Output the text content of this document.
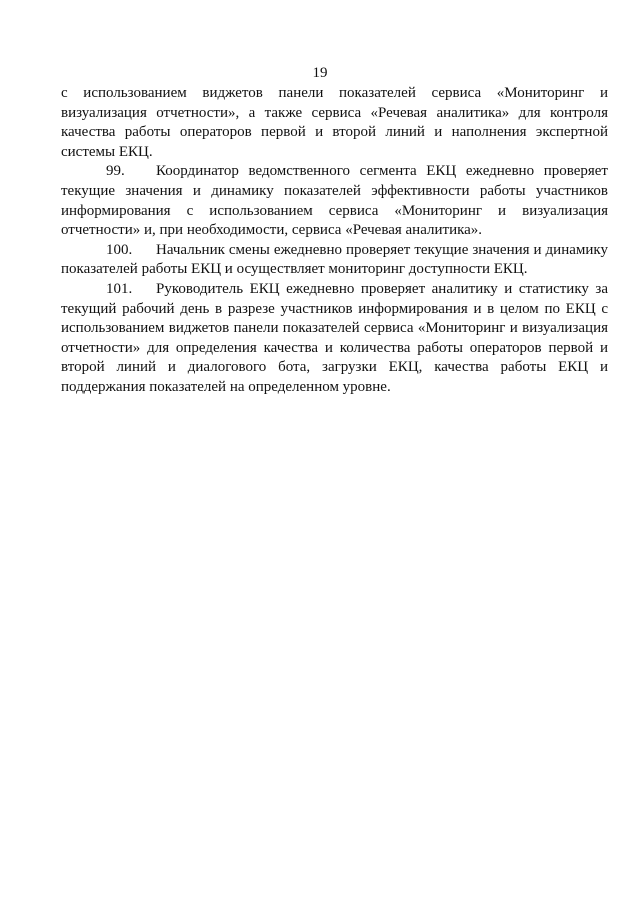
19

с использованием виджетов панели показателей сервиса «Мониторинг и визуализация отчетности», а также сервиса «Речевая аналитика» для контроля качества работы операторов первой и второй линий и наполнения экспертной системы ЕКЦ.

99. Координатор ведомственного сегмента ЕКЦ ежедневно проверяет текущие значения и динамику показателей эффективности работы участников информирования с использованием сервиса «Мониторинг и визуализация отчетности» и, при необходимости, сервиса «Речевая аналитика».

100. Начальник смены ежедневно проверяет текущие значения и динамику показателей работы ЕКЦ и осуществляет мониторинг доступности ЕКЦ.

101. Руководитель ЕКЦ ежедневно проверяет аналитику и статистику за текущий рабочий день в разрезе участников информирования и в целом по ЕКЦ с использованием виджетов панели показателей сервиса «Мониторинг и визуализация отчетности» для определения качества и количества работы операторов первой и второй линий и диалогового бота, загрузки ЕКЦ, качества работы ЕКЦ и поддержания показателей на определенном уровне.
